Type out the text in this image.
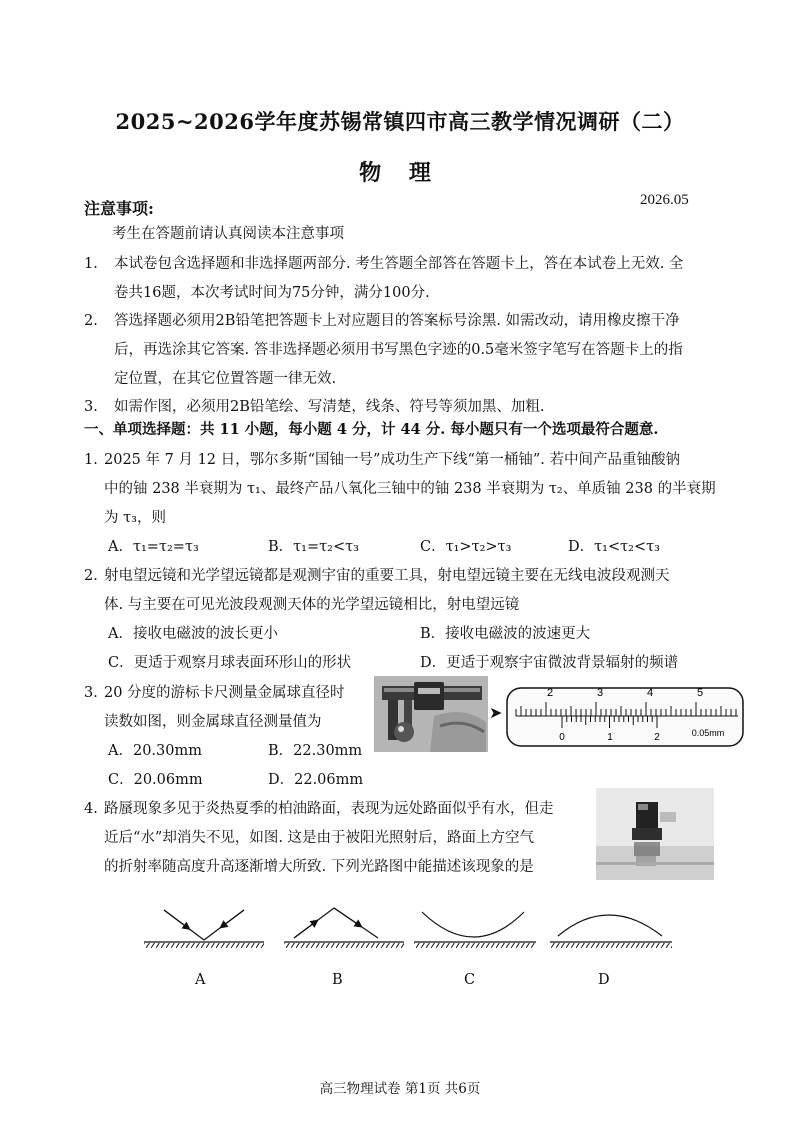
2025~2026学年度苏锡常镇四市高三教学情况调研（二）
物 理
注意事项:	2026.05
考生在答题前请认真阅读本注意事项
1. 本试卷包含选择题和非选择题两部分. 考生答题全部答在答题卡上，答在本试卷上无效. 全
卷共16题，本次考试时间为75分钟，满分100分.
2. 答选择题必须用2B铅笔把答题卡上对应题目的答案标号涂黑. 如需改动，请用橡皮擦干净
后，再选涂其它答案. 答非选择题必须用书写黑色字迹的0.5毫米签字笔写在答题卡上的指
定位置，在其它位置答题一律无效.
3. 如需作图，必须用2B铅笔绘、写清楚，线条、符号等须加黑、加粗.
一、单项选择题：共 11 小题，每小题 4 分，计 44 分. 每小题只有一个选项最符合题意.
1. 2025 年 7 月 12 日，鄂尔多斯“国铀一号”成功生产下线“第一桶铀”. 若中间产品重铀酸钠
中的铀 238 半衰期为 τ₁、最终产品八氧化三铀中的铀 238 半衰期为 τ₂、单质铀 238 的半衰期
为 τ₃，则
A．τ₁=τ₂=τ₃	B．τ₁=τ₂<τ₃	C．τ₁>τ₂>τ₃	D．τ₁<τ₂<τ₃
2. 射电望远镜和光学望远镜都是观测宇宙的重要工具，射电望远镜主要在无线电波段观测天
体. 与主要在可见光波段观测天体的光学望远镜相比，射电望远镜
A．接收电磁波的波长更小	B．接收电磁波的波速更大
C．更适于观察月球表面环形山的形状	D．更适于观察宇宙微波背景辐射的频谱
3. 20 分度的游标卡尺测量金属球直径时
读数如图，则金属球直径测量值为
A．20.30mm	B．22.30mm
C．20.06mm	D．22.06mm
➤
2	3	4	5
0	1	2	0.05mm
4. 路蜃现象多见于炎热夏季的柏油路面，表现为远处路面似乎有水，但走
近后“水”却消失不见，如图. 这是由于被阳光照射后，路面上方空气
的折射率随高度升高逐渐增大所致. 下列光路图中能描述该现象的是
A	B	C	D
高三物理试卷 第1页 共6页
